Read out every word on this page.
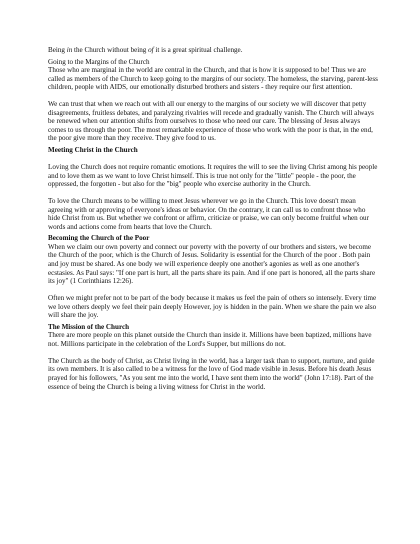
Being in the Church without being of it is a great spiritual challenge.

Going to the Margins of the Church

Those who are marginal in the world are central in the Church, and that is how it is supposed to be! Thus we are called as members of the Church to keep going to the margins of our society. The homeless, the starving, parent-less children, people with AIDS, our emotionally disturbed brothers and sisters - they require our first attention.

We can trust that when we reach out with all our energy to the margins of our society we will discover that petty disagreements, fruitless debates, and paralyzing rivalries will recede and gradually vanish. The Church will always be renewed when our attention shifts from ourselves to those who need our care. The blessing of Jesus always comes to us through the poor. The most remarkable experience of those who work with the poor is that, in the end, the poor give more than they receive. They give food to us.

Meeting Christ in the Church

Loving the Church does not require romantic emotions. It requires the will to see the living Christ among his people and to love them as we want to love Christ himself. This is true not only for the "little" people - the poor, the oppressed, the forgotten - but also for the "big" people who exercise authority in the Church.

To love the Church means to be willing to meet Jesus wherever we go in the Church. This love doesn't mean agreeing with or approving of everyone's ideas or behavior. On the contrary, it can call us to confront those who hide Christ from us. But whether we confront or affirm, criticize or praise, we can only become fruitful when our words and actions come from hearts that love the Church.

Becoming the Church of the Poor

When we claim our own poverty and connect our poverty with the poverty of our brothers and sisters, we become the Church of the poor, which is the Church of Jesus. Solidarity is essential for the Church of the poor . Both pain and joy must be shared. As one body we will experience deeply one another's agonies as well as one another's ecstasies. As Paul says: "If one part is hurt, all the parts share its pain. And if one part is honored, all the parts share its joy" (1 Corinthians 12:26).

Often we might prefer not to be part of the body because it makes us feel the pain of others so intensely. Every time we love others deeply we feel their pain deeply However, joy is hidden in the pain. When we share the pain we also will share the joy.

The Mission of the Church

There are more people on this planet outside the Church than inside it. Millions have been baptized, millions have not. Millions participate in the celebration of the Lord's Supper, but millions do not.

The Church as the body of Christ, as Christ living in the world, has a larger task than to support, nurture, and guide its own members. It is also called to be a witness for the love of God made visible in Jesus. Before his death Jesus prayed for his followers, "As you sent me into the world, I have sent them into the world" (John 17:18). Part of the essence of being the Church is being a living witness for Christ in the world.
